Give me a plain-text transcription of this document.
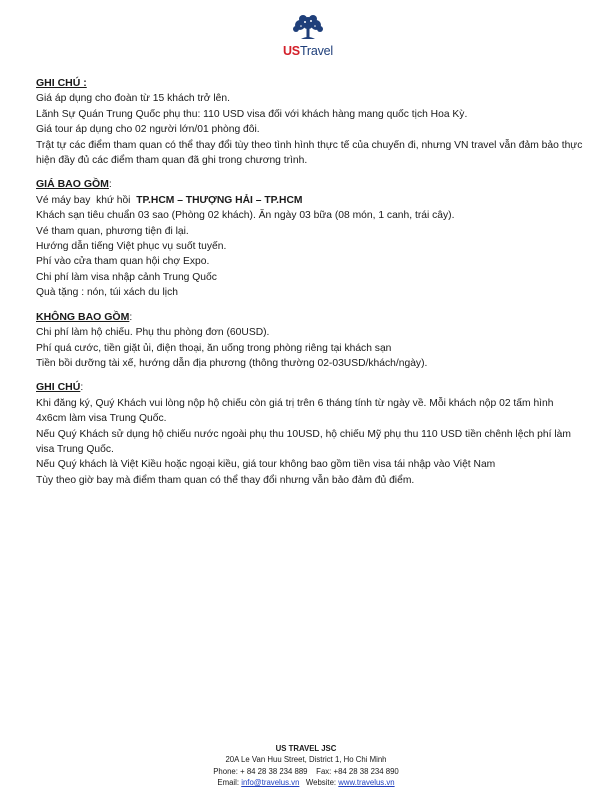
USTravel
GHI CHÚ :
Giá áp dụng cho đoàn từ 15 khách trở lên.
Lãnh Sự Quán Trung Quốc phụ thu: 110 USD visa đối với khách hàng mang quốc tịch Hoa Kỳ.
Giá tour áp dụng cho 02 người lớn/01 phòng đôi.
Trật tự các điểm tham quan có thể thay đổi tùy theo tình hình thực tế của chuyến đi, nhưng VN travel vẫn đảm bảo thực hiện đầy đủ các điểm tham quan đã ghi trong chương trình.
GIÁ BAO GỒM:
Vé máy bay  khứ hồi  TP.HCM – THƯỢNG HẢI – TP.HCM
Khách sạn tiêu chuẩn 03 sao (Phòng 02 khách). Ăn ngày 03 bữa (08 món, 1 canh, trái cây).
Vé tham quan, phương tiện đi lại.
Hướng dẫn tiếng Việt phục vụ suốt tuyến.
Phí vào cửa tham quan hội chợ Expo.
Chi phí làm visa nhập cảnh Trung Quốc
Quà tặng : nón, túi xách du lịch
KHÔNG BAO GỒM:
Chi phí làm hộ chiếu. Phụ thu phòng đơn (60USD).
Phí quá cước, tiền giặt ủi, điện thoại, ăn uống trong phòng riêng tại khách sạn
Tiền bồi dưỡng tài xế, hướng dẫn địa phương (thông thường 02-03USD/khách/ngày).
GHI CHÚ:
Khi đăng ký, Quý Khách vui lòng nộp hộ chiếu còn giá trị trên 6 tháng tính từ ngày về. Mỗi khách nộp 02 tấm hình 4x6cm làm visa Trung Quốc.
Nếu Quý Khách sử dụng hộ chiếu nước ngoài phụ thu 10USD, hộ chiếu Mỹ phụ thu 110 USD tiền chênh lệch phí làm visa Trung Quốc.
Nếu Quý khách là Việt Kiều hoặc ngoại kiều, giá tour không bao gồm tiền visa tái nhập vào Việt Nam
Tùy theo giờ bay mà điểm tham quan có thể thay đổi nhưng vẫn bảo đảm đủ điểm.
US TRAVEL JSC
20A Le Van Huu Street, District 1, Ho Chi Minh
Phone: + 84 28 38 234 889    Fax: +84 28 38 234 890
Email: info@travelus.vn   Website: www.travelus.vn
